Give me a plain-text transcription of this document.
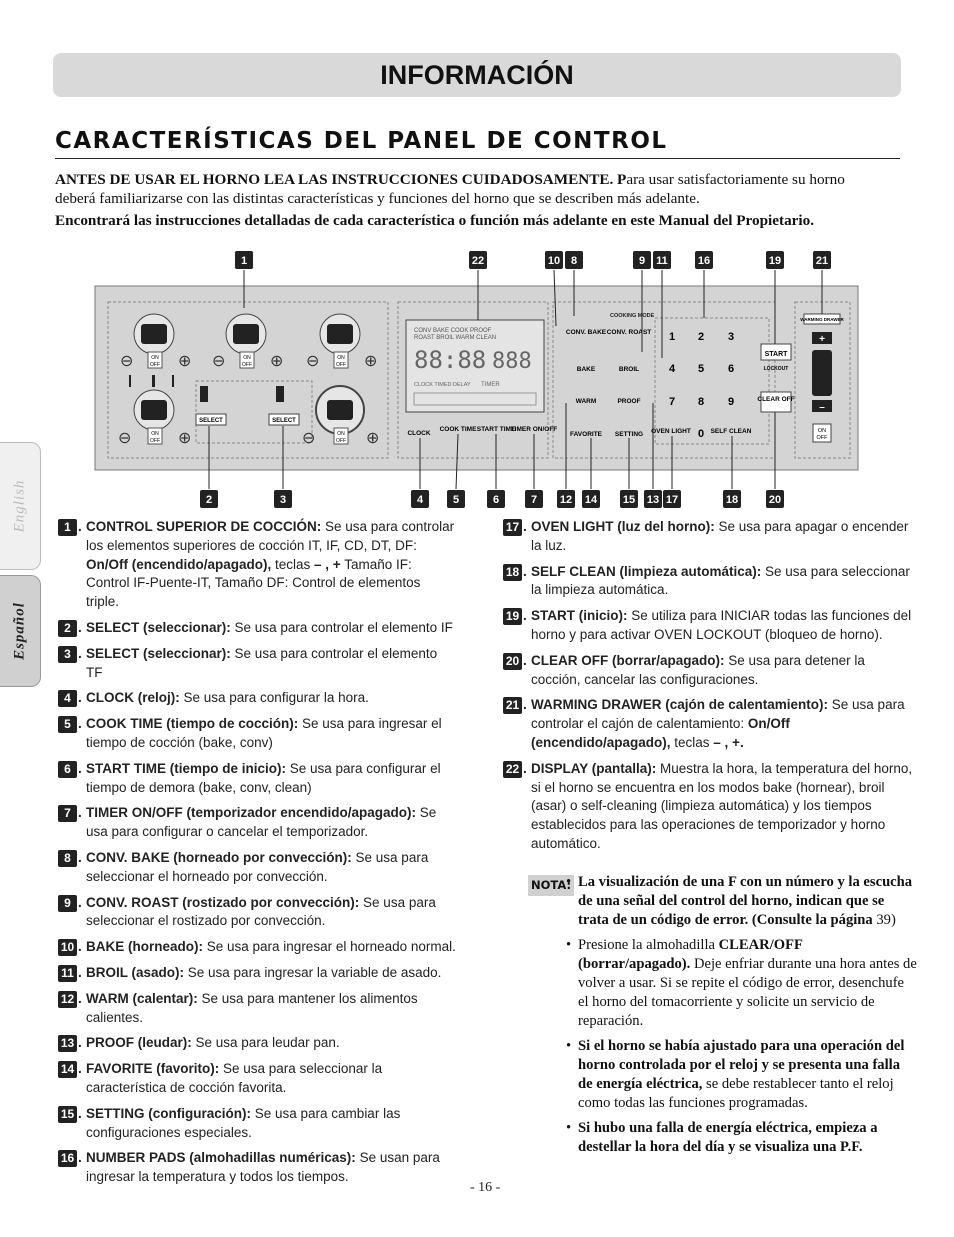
INFORMACIÓN
CARACTERÍSTICAS DEL PANEL DE CONTROL

ANTES DE USAR EL HORNO LEA LAS INSTRUCCIONES CUIDADOSAMENTE. Para usar satisfactoriamente su horno deberá familiarizarse con las distintas características y funciones del horno que se describen más adelante.

Encontrará las instrucciones detalladas de cada característica o función más adelante en este Manual del Propietario.

English
Español
⊖	ON
OFF ⊕ ⊖	ON
OFF ⊕ ⊖	ON
OFF ⊕
⊖	ON
OFF ⊕	⊖	ON
OFF ⊕
SELECT	SELECT
CONV BAKE COOK PROOF
ROAST BROIL WARM CLEAN
88:88 888
CLOCK TIMED DELAY TIMER
CLOCK
COOK TIME START TIME
TIMER ON/OFF
COOKING MODE
CONV. BAKE CONV. ROAST
BAKE	BROIL
WARM	PROOF
FAVORITE SETTING OVEN LIGHT	SELF CLEAN
1 2 3
4 5 6
7 8 9
0
START
LOCKOUT
CLEAR OFF
WARMING DRAWER
+
–
ON
OFF
1	22	10 8	9 11	16	19	21
2	3	4	5	6	7 12 14 15 13 17	18	20
1 . CONTROL SUPERIOR DE COCCIÓN: Se usa para controlar los elementos superiores de cocción IT, IF, CD, DT, DF: On/Off (encendido/apagado), teclas – , + Tamaño IF: Control IF-Puente-IT, Tamaño DF: Control de elementos triple.
2 . SELECT (seleccionar): Se usa para controlar el elemento IF
3 . SELECT (seleccionar): Se usa para controlar el elemento TF
4 . CLOCK (reloj): Se usa para configurar la hora.
5 . COOK TIME (tiempo de cocción): Se usa para ingresar el tiempo de cocción (bake, conv)
6 . START TIME (tiempo de inicio): Se usa para configurar el tiempo de demora (bake, conv, clean)
7 . TIMER ON/OFF (temporizador encendido/apagado): Se usa para configurar o cancelar el temporizador.
8 . CONV. BAKE (horneado por convección): Se usa para seleccionar el horneado por convección.
9 . CONV. ROAST (rostizado por convección): Se usa para seleccionar el rostizado por convección.
10 . BAKE (horneado): Se usa para ingresar el horneado normal.
11 . BROIL (asado): Se usa para ingresar la variable de asado.
12 . WARM (calentar): Se usa para mantener los alimentos calientes.
13 . PROOF (leudar): Se usa para leudar pan.
14 . FAVORITE (favorito): Se usa para seleccionar la característica de cocción favorita.
15 . SETTING (configuración): Se usa para cambiar las configuraciones especiales.
16 . NUMBER PADS (almohadillas numéricas): Se usan para ingresar la temperatura y todos los tiempos.
17 . OVEN LIGHT (luz del horno): Se usa para apagar o encender la luz.
18 . SELF CLEAN (limpieza automática): Se usa para seleccionar la limpieza automática.
19 . START (inicio): Se utiliza para INICIAR todas las funciones del horno y para activar OVEN LOCKOUT (bloqueo de horno).
20 . CLEAR OFF (borrar/apagado): Se usa para detener la cocción, cancelar las configuraciones.
21 . WARMING DRAWER (cajón de calentamiento): Se usa para controlar el cajón de calentamiento: On/Off (encendido/apagado), teclas – , +.
22 . DISPLAY (pantalla): Muestra la hora, la temperatura del horno, si el horno se encuentra en los modos bake (hornear), broil (asar) o self-cleaning (limpieza automática) y los tiempos establecidos para las operaciones de temporizador y horno automático.
NOTA:
• La visualización de una F con un número y la escucha de una señal del control del horno, indican que se trata de un código de error. (Consulte la página 39)
• Presione la almohadilla CLEAR/OFF (borrar/apagado). Deje enfriar durante una hora antes de volver a usar. Si se repite el código de error, desenchufe el horno del tomacorriente y solicite un servicio de reparación.
• Si el horno se había ajustado para una operación del horno controlada por el reloj y se presenta una falla de energía eléctrica, se debe restablecer tanto el reloj como todas las funciones programadas.
• Si hubo una falla de energía eléctrica, empieza a destellar la hora del día y se visualiza una P.F.
- 16 -
